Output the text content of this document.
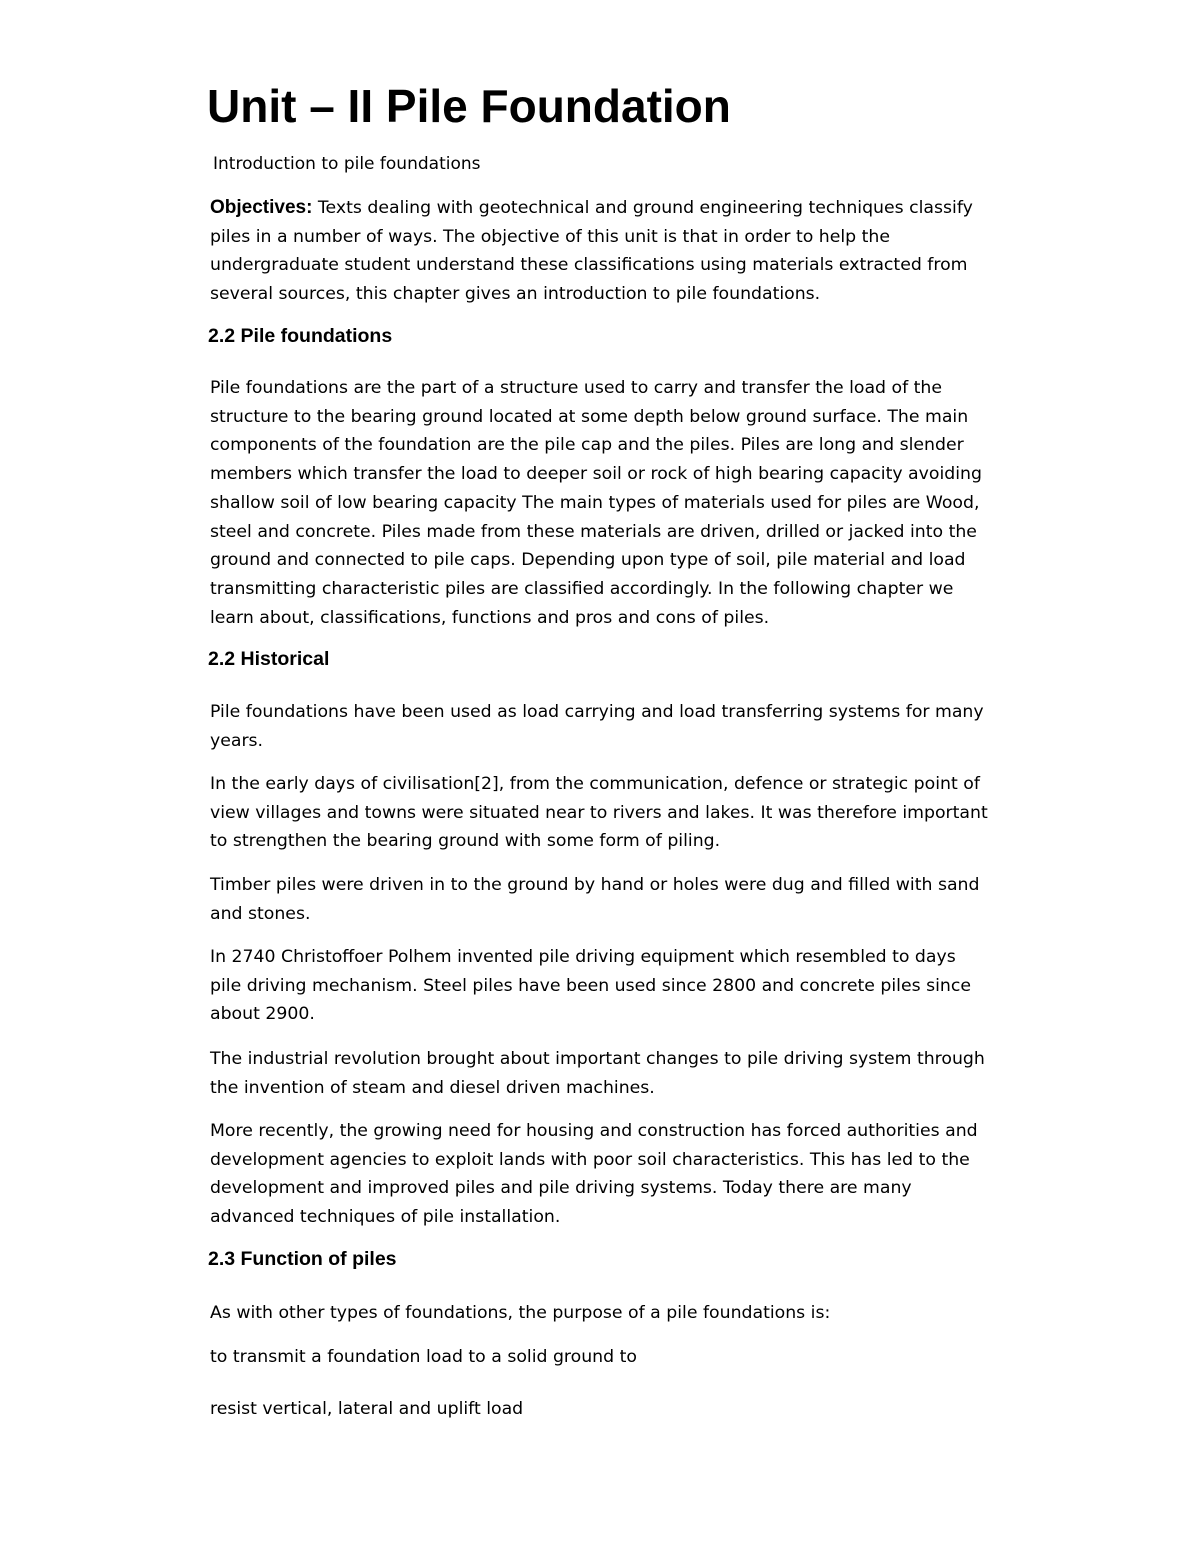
Unit – II Pile Foundation

Introduction to pile foundations

Objectives: Texts dealing with geotechnical and ground engineering techniques classify
piles in a number of ways. The objective of this unit is that in order to help the
undergraduate student understand these classifications using materials extracted from
several sources, this chapter gives an introduction to pile foundations.

2.2 Pile foundations

Pile foundations are the part of a structure used to carry and transfer the load of the
structure to the bearing ground located at some depth below ground surface. The main
components of the foundation are the pile cap and the piles. Piles are long and slender
members which transfer the load to deeper soil or rock of high bearing capacity avoiding
shallow soil of low bearing capacity The main types of materials used for piles are Wood,
steel and concrete. Piles made from these materials are driven, drilled or jacked into the
ground and connected to pile caps. Depending upon type of soil, pile material and load
transmitting characteristic piles are classified accordingly. In the following chapter we
learn about, classifications, functions and pros and cons of piles.

2.2 Historical

Pile foundations have been used as load carrying and load transferring systems for many
years.

In the early days of civilisation[2], from the communication, defence or strategic point of
view villages and towns were situated near to rivers and lakes. It was therefore important
to strengthen the bearing ground with some form of piling.

Timber piles were driven in to the ground by hand or holes were dug and filled with sand
and stones.

In 2740 Christoffoer Polhem invented pile driving equipment which resembled to days
pile driving mechanism. Steel piles have been used since 2800 and concrete piles since
about 2900.

The industrial revolution brought about important changes to pile driving system through
the invention of steam and diesel driven machines.

More recently, the growing need for housing and construction has forced authorities and
development agencies to exploit lands with poor soil characteristics. This has led to the
development and improved piles and pile driving systems. Today there are many
advanced techniques of pile installation.

2.3 Function of piles

As with other types of foundations, the purpose of a pile foundations is:

to transmit a foundation load to a solid ground to

resist vertical, lateral and uplift load
